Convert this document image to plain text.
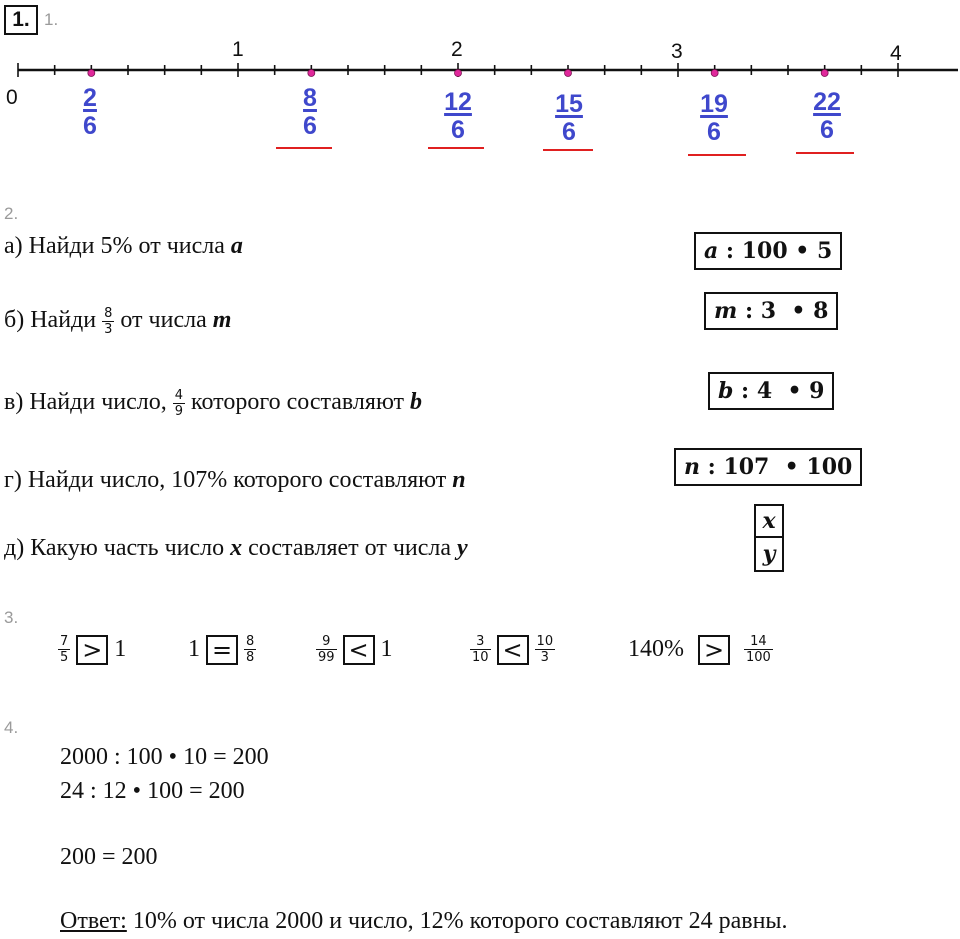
1. 1.
0
1	2	3	4
$\frac{2}{6}$	$\frac{8}{6}$	$\frac{12}{6}$	$\frac{15}{6}$	$\frac{19}{6}$	$\frac{22}{6}$
2.
а) Найди 5% от числа a	a : 100 • 5
б) Найди $\frac{8}{3}$ от числа m	m : 3  • 8
в) Найди число, $\frac{4}{9}$ которого составляют b	b : 4  • 9
г) Найди число, 107% которого составляют n	n : 107  • 100
д) Какую часть число x составляет от числа y	$\frac{x}{y}$
3.
$\frac{7}{5} > 1$	$1 = \frac{8}{8}$	$\frac{9}{99} < 1$	$\frac{3}{10} < \frac{10}{3}$	140% >	$\frac{14}{100}$
4.
2000 : 100 • 10 = 200
24 : 12 • 100 = 200
200 = 200
Ответ: 10% от числа 2000 и число, 12% которого составляют 24 равны.
